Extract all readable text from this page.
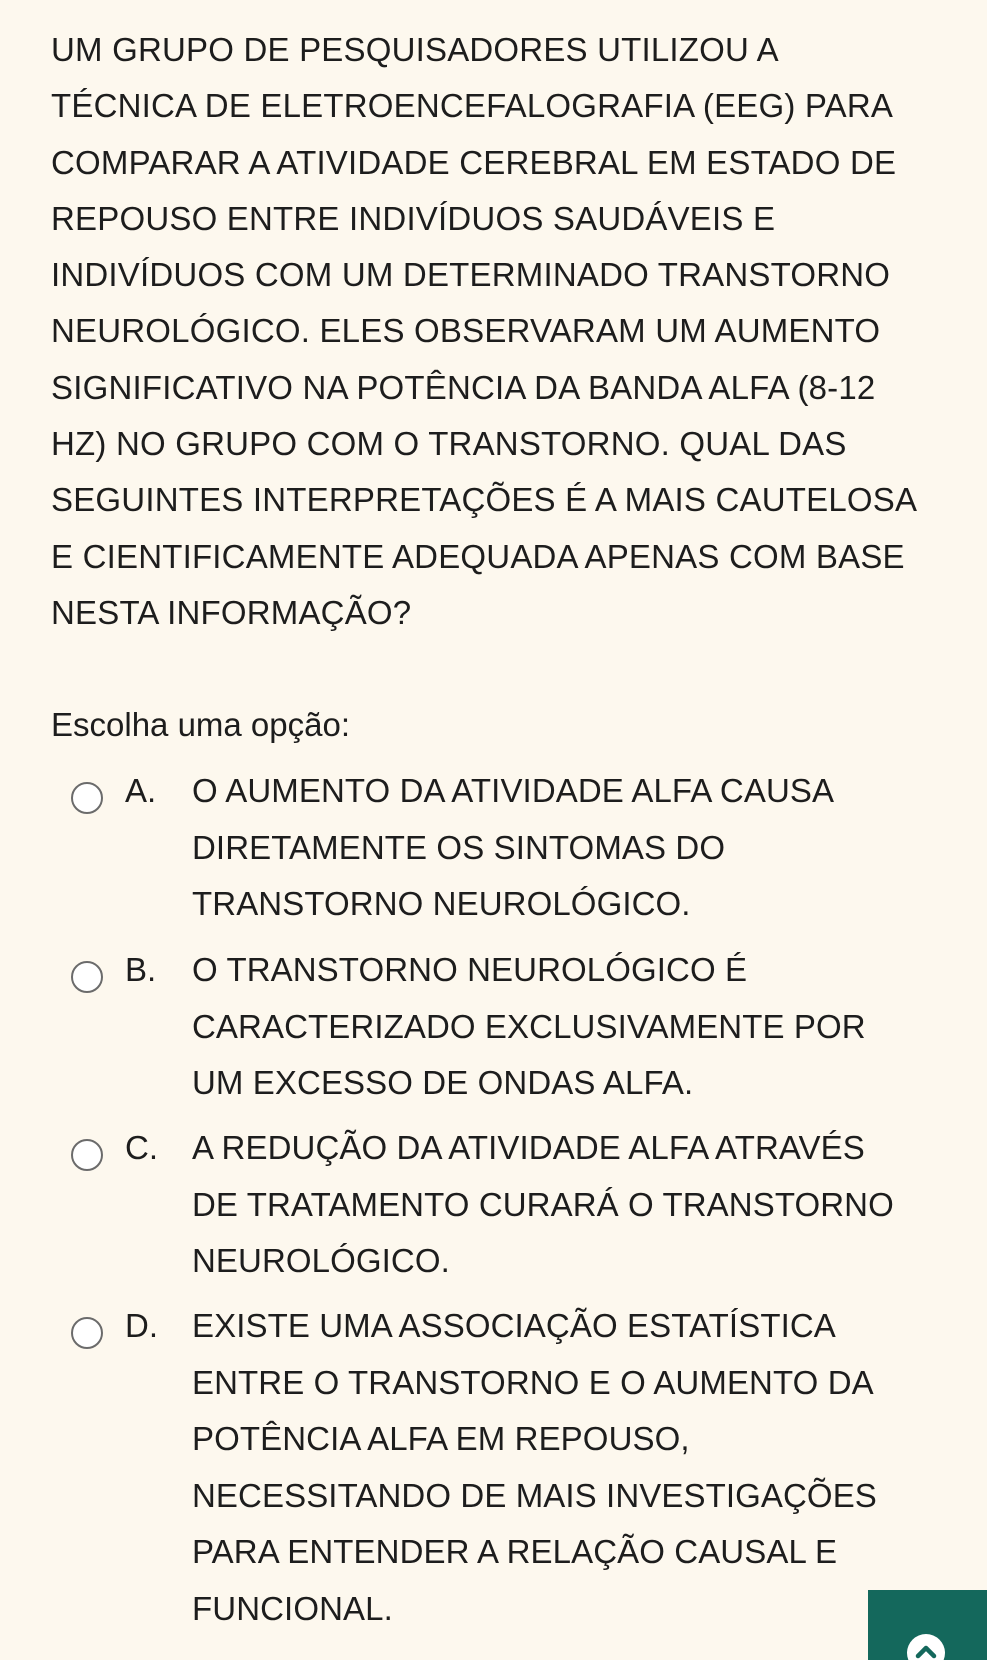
UM GRUPO DE PESQUISADORES UTILIZOU A
TÉCNICA DE ELETROENCEFALOGRAFIA (EEG) PARA
COMPARAR A ATIVIDADE CEREBRAL EM ESTADO DE
REPOUSO ENTRE INDIVÍDUOS SAUDÁVEIS E
INDIVÍDUOS COM UM DETERMINADO TRANSTORNO
NEUROLÓGICO. ELES OBSERVARAM UM AUMENTO
SIGNIFICATIVO NA POTÊNCIA DA BANDA ALFA (8-12
HZ) NO GRUPO COM O TRANSTORNO. QUAL DAS
SEGUINTES INTERPRETAÇÕES É A MAIS CAUTELOSA
E CIENTIFICAMENTE ADEQUADA APENAS COM BASE
NESTA INFORMAÇÃO?

Escolha uma opção:

A. O AUMENTO DA ATIVIDADE ALFA CAUSA
DIRETAMENTE OS SINTOMAS DO
TRANSTORNO NEUROLÓGICO.
B. O TRANSTORNO NEUROLÓGICO É
CARACTERIZADO EXCLUSIVAMENTE POR
UM EXCESSO DE ONDAS ALFA.
C. A REDUÇÃO DA ATIVIDADE ALFA ATRAVÉS
DE TRATAMENTO CURARÁ O TRANSTORNO
NEUROLÓGICO.
D. EXISTE UMA ASSOCIAÇÃO ESTATÍSTICA
ENTRE O TRANSTORNO E O AUMENTO DA
POTÊNCIA ALFA EM REPOUSO,
NECESSITANDO DE MAIS INVESTIGAÇÕES
PARA ENTENDER A RELAÇÃO CAUSAL E
FUNCIONAL.
